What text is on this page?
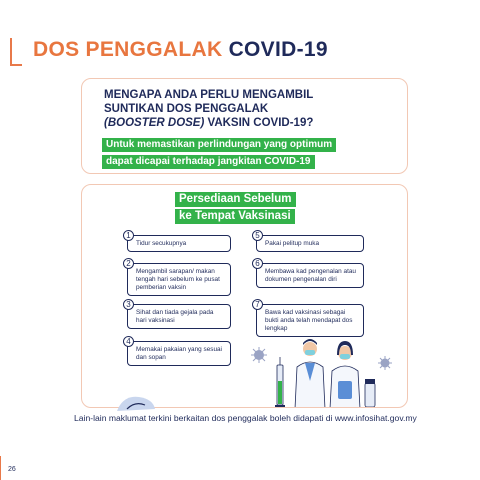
DOS PENGGALAK COVID-19
MENGAPA ANDA PERLU MENGAMBIL
SUNTIKAN DOS PENGGALAK
(BOOSTER DOSE) VAKSIN COVID-19?
Untuk memastikan perlindungan yang optimum
dapat dicapai terhadap jangkitan COVID-19
Persediaan Sebelum
ke Tempat Vaksinasi
1
Tidur secukupnya
2
Mengambil sarapan/ makan tengah hari sebelum ke pusat pemberian vaksin
3
Sihat dan tiada gejala pada hari vaksinasi
4
Memakai pakaian yang sesuai dan sopan
5
Pakai pelitup muka
6
Membawa kad pengenalan atau dokumen pengenalan diri
7
Bawa kad vaksinasi sebagai bukti anda telah mendapat dos lengkap
Lain-lain maklumat terkini berkaitan dos penggalak boleh didapati di www.infosihat.gov.my
26
